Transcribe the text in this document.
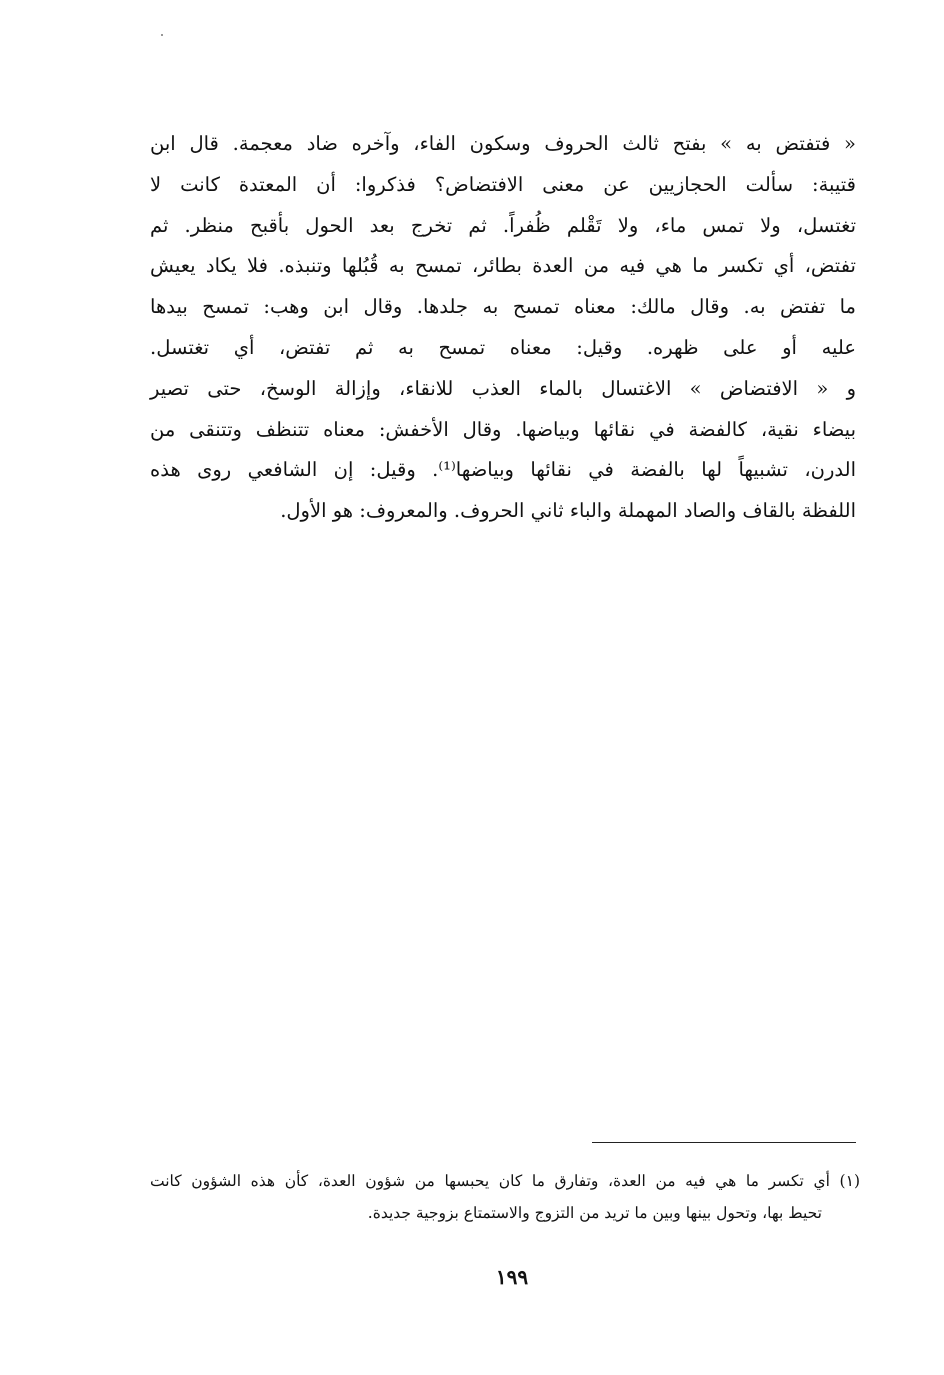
« فتفتض به » بفتح ثالث الحروف وسكون الفاء، وآخره ضاد معجمة. قال ابن
قتيبة: سألت الحجازيين عن معنى الافتضاض؟ فذكروا: أن المعتدة كانت لا
تغتسل، ولا تمس ماء، ولا تَقْلم ظُفراً. ثم تخرج بعد الحول بأقبح منظر. ثم
تفتض، أي تكسر ما هي فيه من العدة بطائر، تمسح به قُبُلها وتنبذه. فلا يكاد يعيش
ما تفتض به. وقال مالك: معناه تمسح به جلدها. وقال ابن وهب: تمسح بيدها
عليه أو على ظهره. وقيل: معناه تمسح به ثم تفتض، أي تغتسل.
و « الافتضاض » الاغتسال بالماء العذب للانقاء، وإزالة الوسخ، حتى تصير
بيضاء نقية، كالفضة في نقائها وبياضها. وقال الأخفش: معناه تتنظف وتتنقى من
الدرن، تشبيهاً لها بالفضة في نقائها وبياضها⁽¹⁾. وقيل: إن الشافعي روى هذه
اللفظة بالقاف والصاد المهملة والباء ثاني الحروف. والمعروف: هو الأول.
(١) أي تكسر ما هي فيه من العدة، وتفارق ما كان يحبسها من شؤون العدة، كأن هذه الشؤون كانت
تحيط بها، وتحول بينها وبين ما تريد من التزوج والاستمتاع بزوجية جديدة.
١٩٩
